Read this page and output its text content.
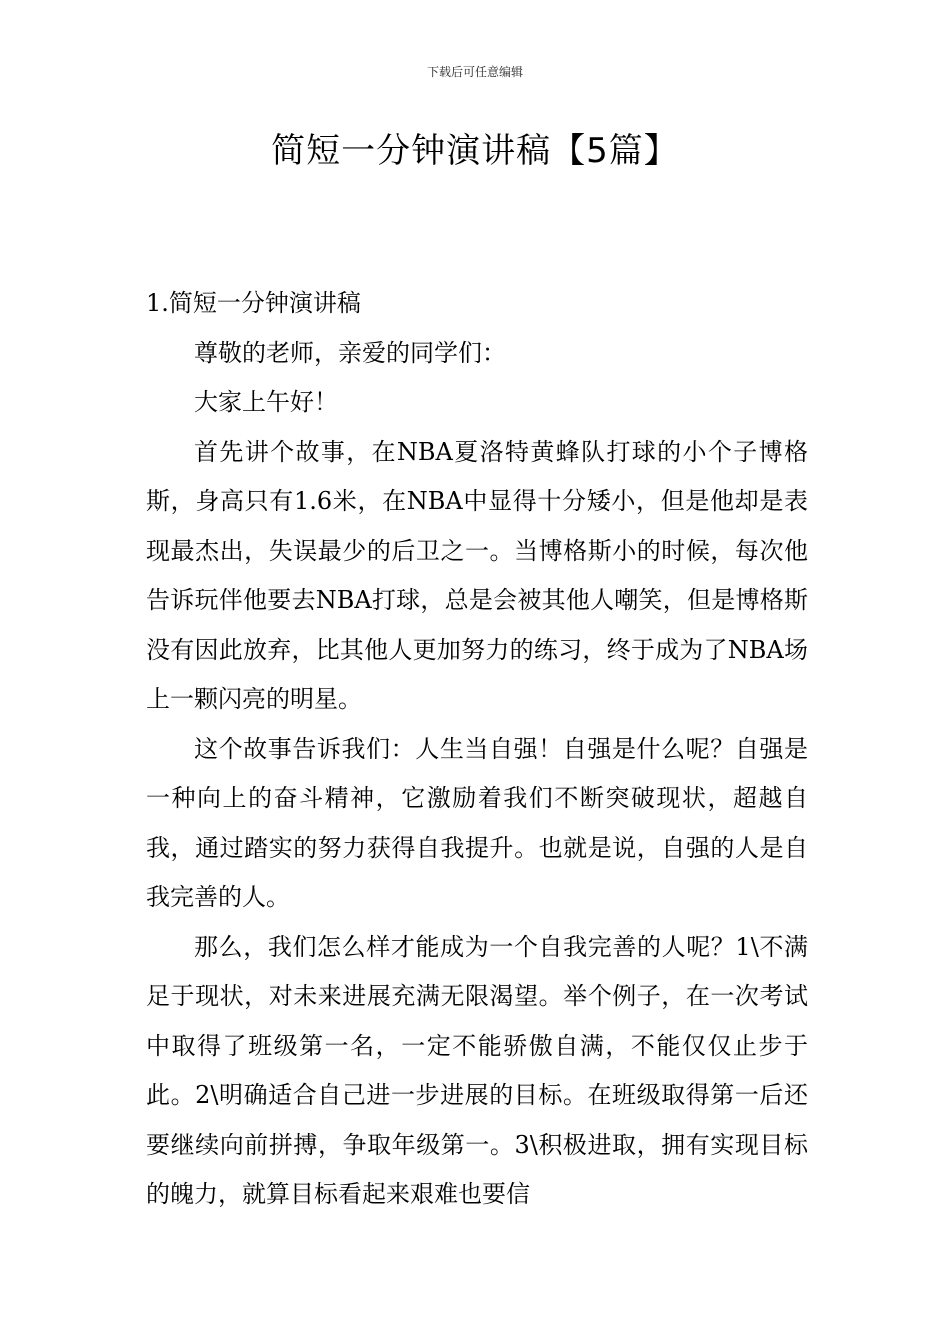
下载后可任意编辑
简短一分钟演讲稿【5篇】
1.简短一分钟演讲稿

尊敬的老师，亲爱的同学们：

大家上午好！

首先讲个故事，在NBA夏洛特黄蜂队打球的小个子博格斯，身高只有1.6米，在NBA中显得十分矮小，但是他却是表现最杰出，失误最少的后卫之一。当博格斯小的时候，每次他告诉玩伴他要去NBA打球，总是会被其他人嘲笑，但是博格斯没有因此放弃，比其他人更加努力的练习，终于成为了NBA场上一颗闪亮的明星。

这个故事告诉我们：人生当自强！自强是什么呢？自强是一种向上的奋斗精神，它激励着我们不断突破现状，超越自我，通过踏实的努力获得自我提升。也就是说，自强的人是自我完善的人。

那么，我们怎么样才能成为一个自我完善的人呢？1\不满足于现状，对未来进展充满无限渴望。举个例子，在一次考试中取得了班级第一名，一定不能骄傲自满，不能仅仅止步于此。2\明确适合自己进一步进展的目标。在班级取得第一后还要继续向前拼搏，争取年级第一。3\积极进取，拥有实现目标的魄力，就算目标看起来艰难也要信
